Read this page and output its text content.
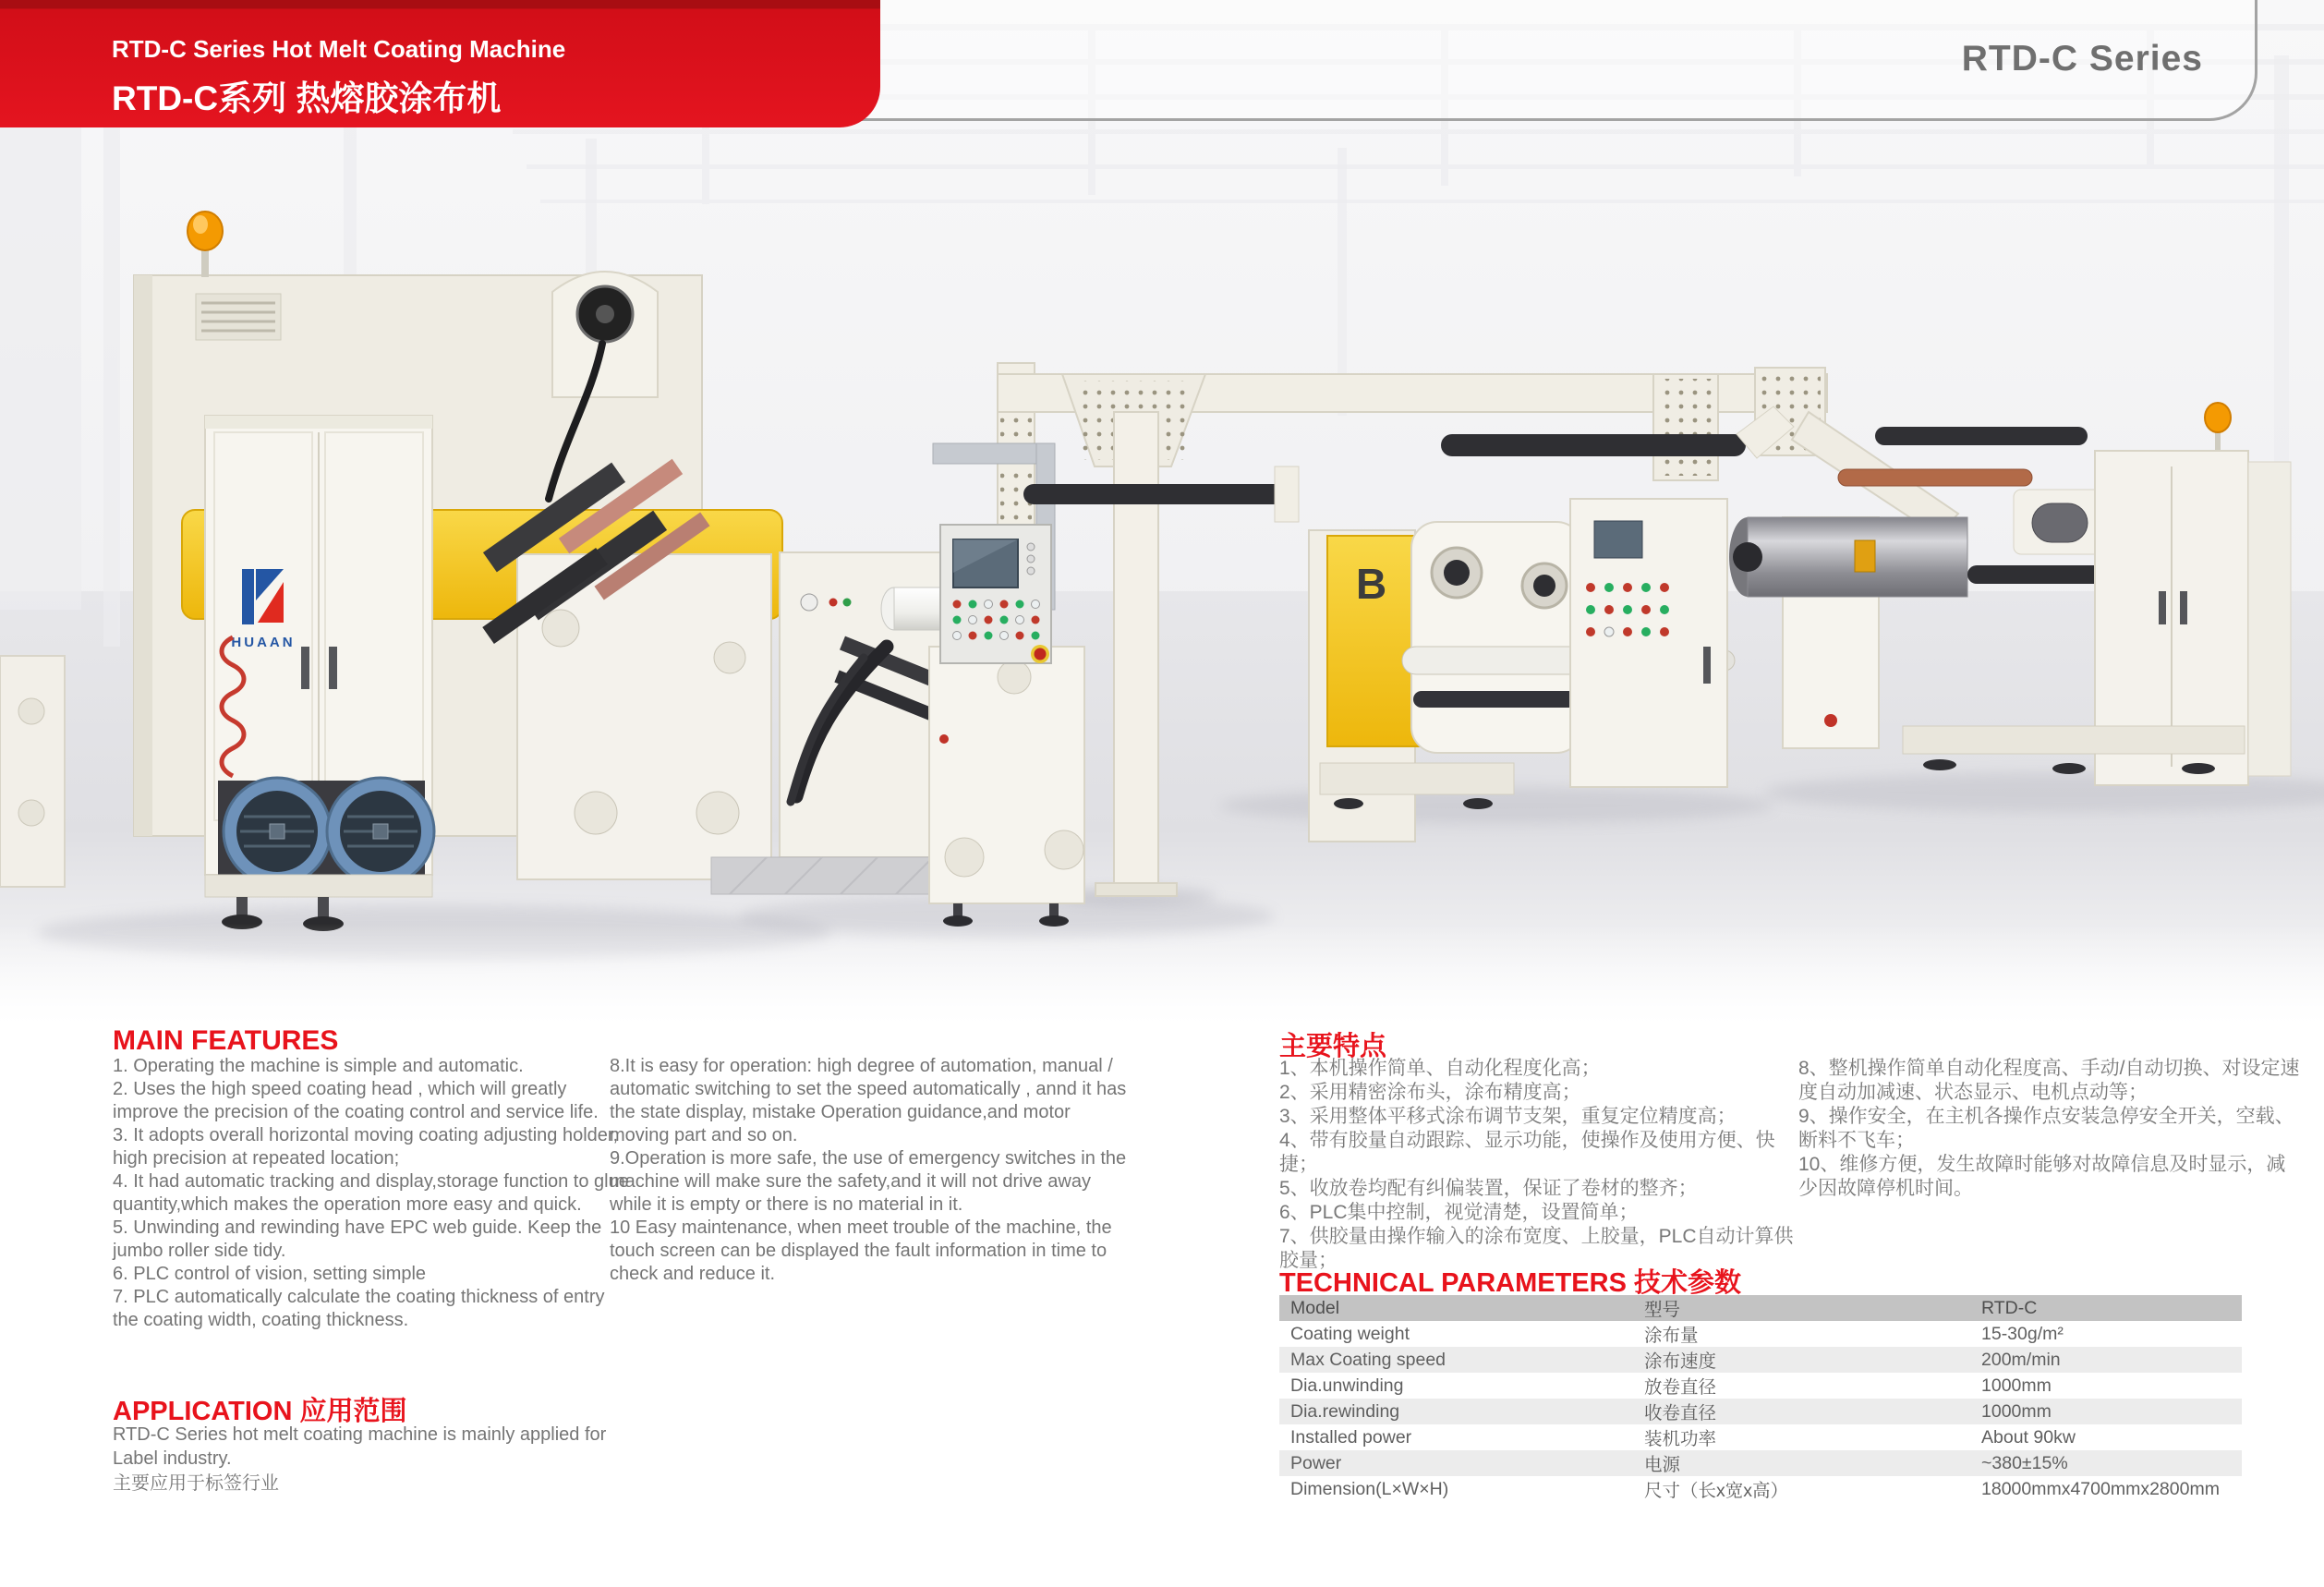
HUAAN
B
RTD-C Series
RTD-C Series Hot Melt Coating Machine
RTD-C系列 热熔胶涂布机
MAIN FEATURES
1. Operating the machine is simple and automatic.
2. Uses the high speed coating head , which will greatly improve the precision of the coating control and service life.
3. It adopts overall horizontal moving coating adjusting holder, high precision at repeated location;
4. It had automatic tracking and display,storage function to glue quantity,which makes the operation more easy and quick.
5. Unwinding and rewinding have EPC web guide. Keep the jumbo roller side tidy.
6. PLC control of vision, setting simple
7. PLC automatically calculate the coating thickness of entry the coating width, coating thickness.
8.It is easy for operation: high degree of automation, manual / automatic switching to set the speed automatically , annd it has the state display, mistake Operation guidance,and motor moving part and so on.
9.Operation is more safe, the use of emergency switches in the machine will make sure the safety,and it will not drive away while it is empty or there is no material in it.
10 Easy maintenance, when meet trouble of the machine, the touch screen can be displayed the fault information in time to check and reduce it.
主要特点
1、本机操作简单、自动化程度化高；
2、采用精密涂布头，涂布精度高；
3、采用整体平移式涂布调节支架，重复定位精度高；
4、带有胶量自动跟踪、显示功能，使操作及使用方便、快捷；
5、收放卷均配有纠偏装置，保证了卷材的整齐；
6、PLC集中控制，视觉清楚，设置简单；
7、供胶量由操作输入的涂布宽度、上胶量，PLC自动计算供胶量；
8、整机操作简单自动化程度高、手动/自动切换、对设定速度自动加减速、状态显示、电机点动等；
9、操作安全，在主机各操作点安装急停安全开关，空载、断料不飞车；
10、维修方便，发生故障时能够对故障信息及时显示，减少因故障停机时间。
APPLICATION 应用范围
RTD-C Series hot melt coating machine is mainly applied for Label industry.
主要应用于标签行业
TECHNICAL PARAMETERS 技术参数
Model	型号	RTD-C
Coating weight	涂布量	15-30g/m²
Max Coating speed	涂布速度	200m/min
Dia.unwinding	放卷直径	1000mm
Dia.rewinding	收卷直径	1000mm
Installed power	装机功率	About 90kw
Power	电源	~380±15%
Dimension(L×W×H)	尺寸（长x宽x高）	18000mmx4700mmx2800mm
